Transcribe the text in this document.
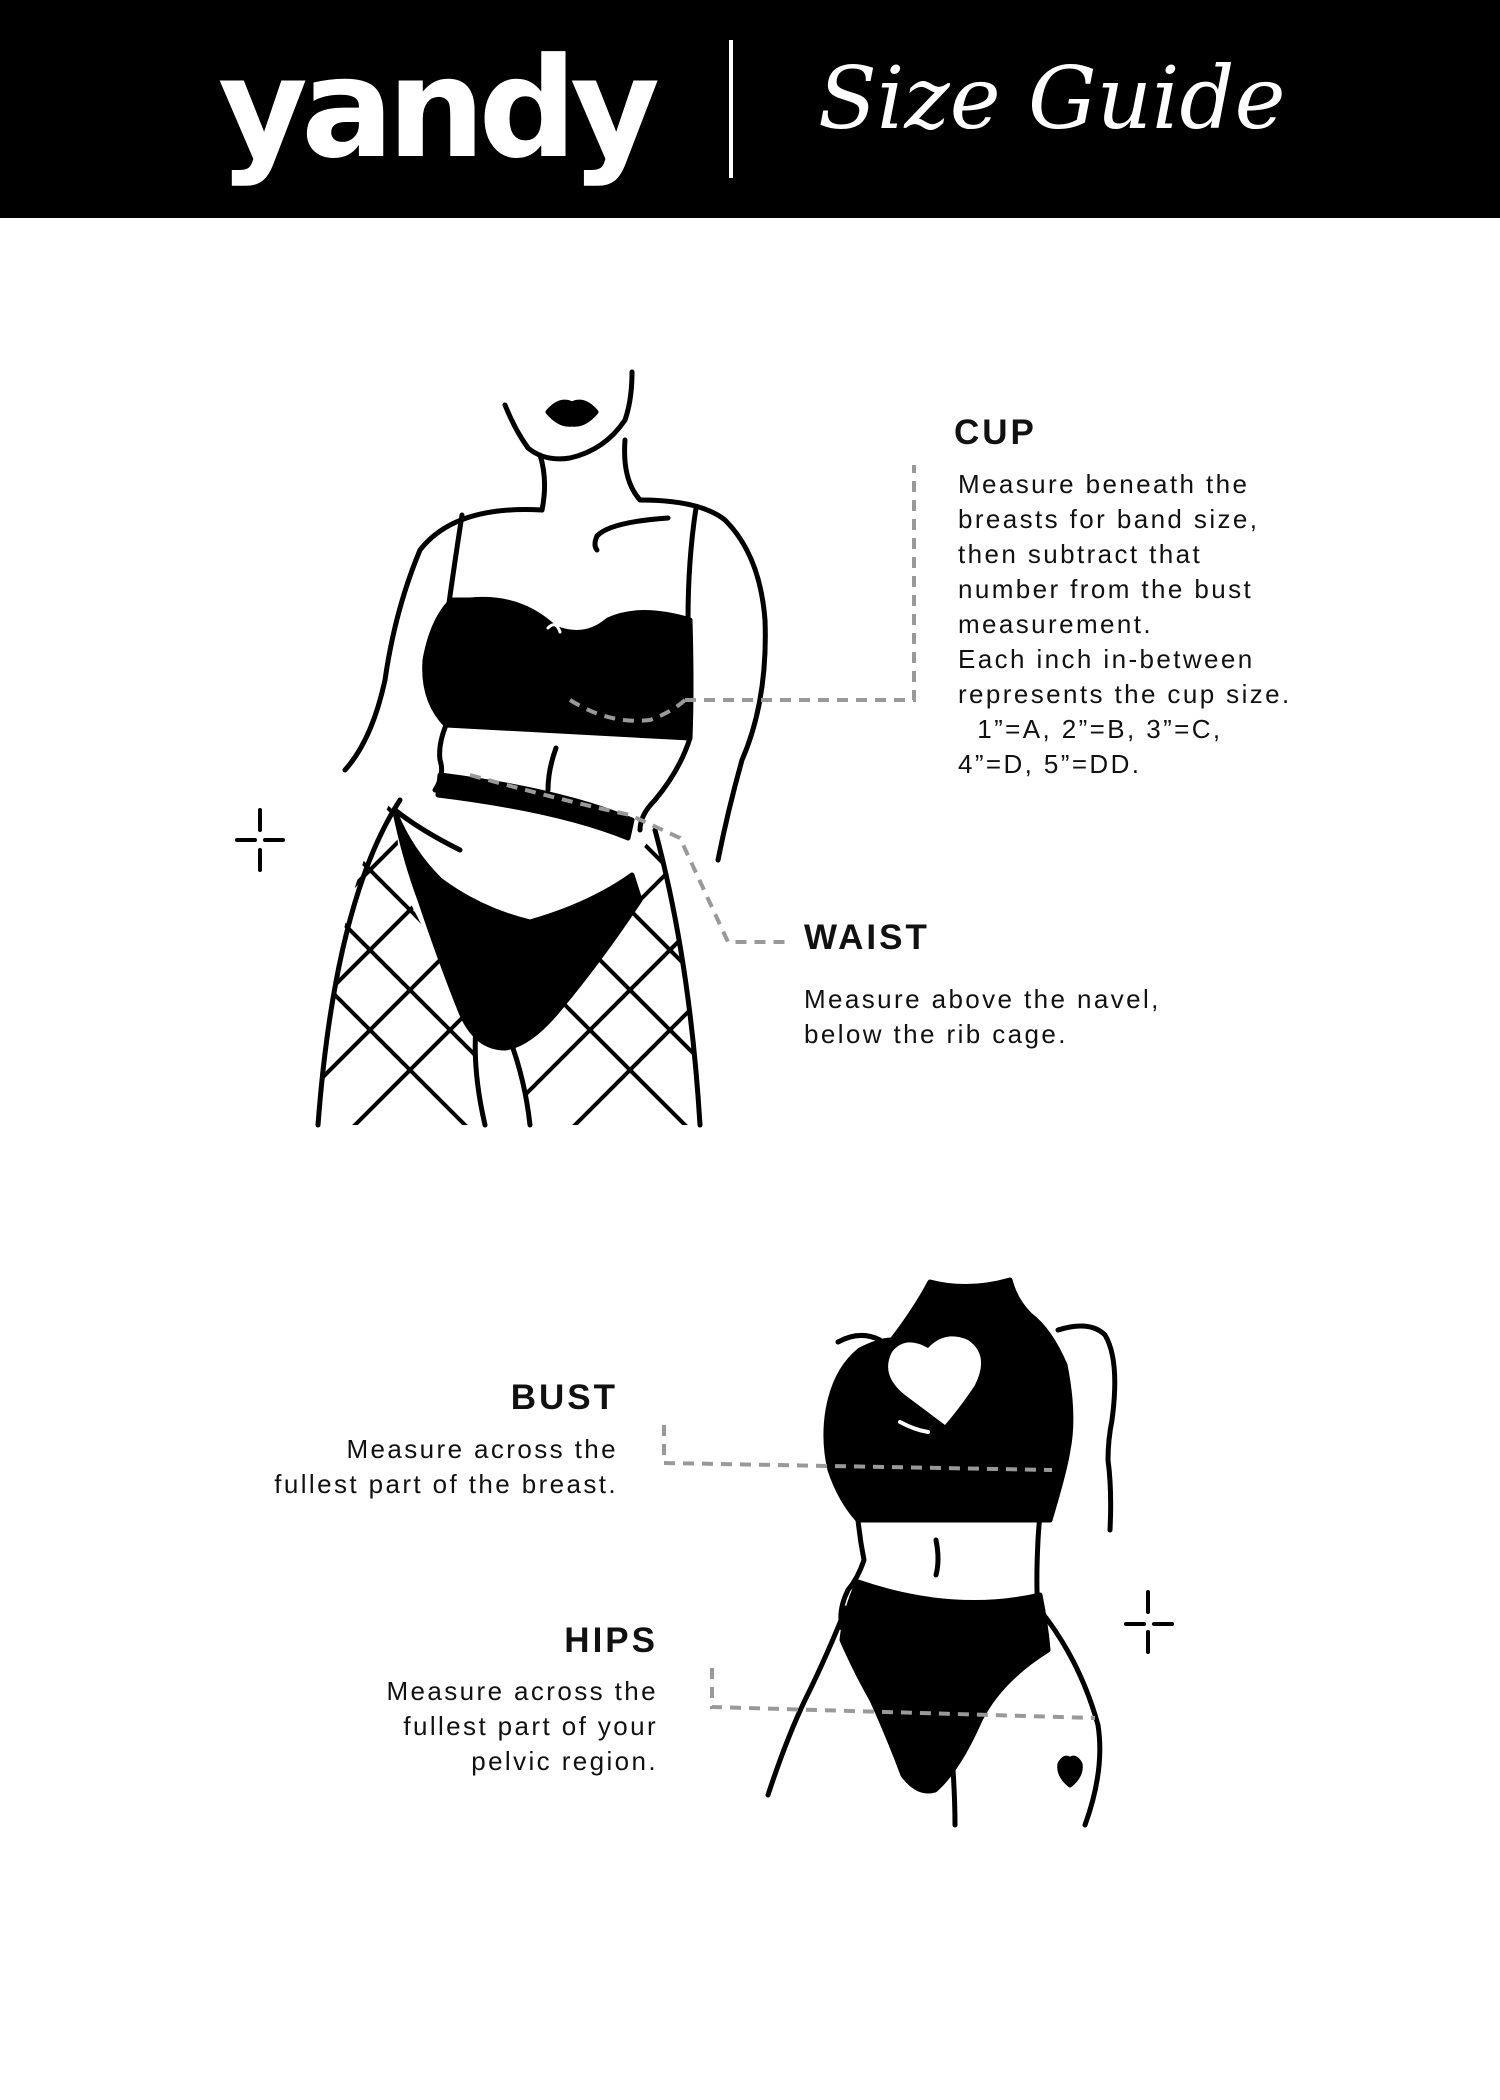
yandy Size Guide
CUP
Measure beneath the
breasts for band size,
then subtract that
number from the bust
measurement.
Each inch in-between
represents the cup size.
1”=A, 2”=B, 3”=C,
4”=D, 5”=DD.
WAIST
Measure above the navel,
below the rib cage.
BUST
Measure across the
fullest part of the breast.
HIPS
Measure across the
fullest part of your
pelvic region.
